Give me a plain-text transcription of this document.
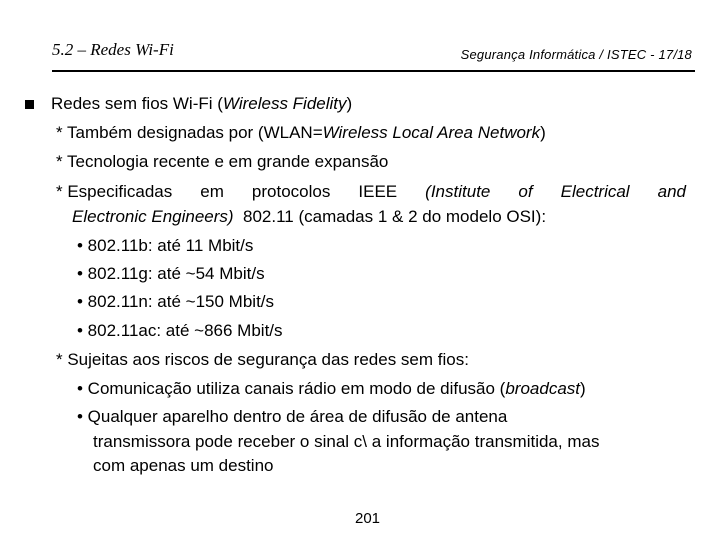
5.2 – Redes Wi-Fi	Segurança Informática / ISTEC - 17/18
Redes sem fios Wi-Fi (Wireless Fidelity)
* Também designadas por (WLAN=Wireless Local Area Network)
* Tecnologia recente e em grande expansão
* Especificadas em protocolos IEEE (Institute of Electrical and
Electronic Engineers)  802.11 (camadas 1 & 2 do modelo OSI):
• 802.11b: até 11 Mbit/s
• 802.11g: até ~54 Mbit/s
• 802.11n: até ~150 Mbit/s
• 802.11ac: até ~866 Mbit/s
* Sujeitas aos riscos de segurança das redes sem fios:
• Comunicação utiliza canais rádio em modo de difusão (broadcast)
• Qualquer aparelho dentro de área de difusão de antena
transmissora pode receber o sinal c\ a informação transmitida, mas
com apenas um destino
201
